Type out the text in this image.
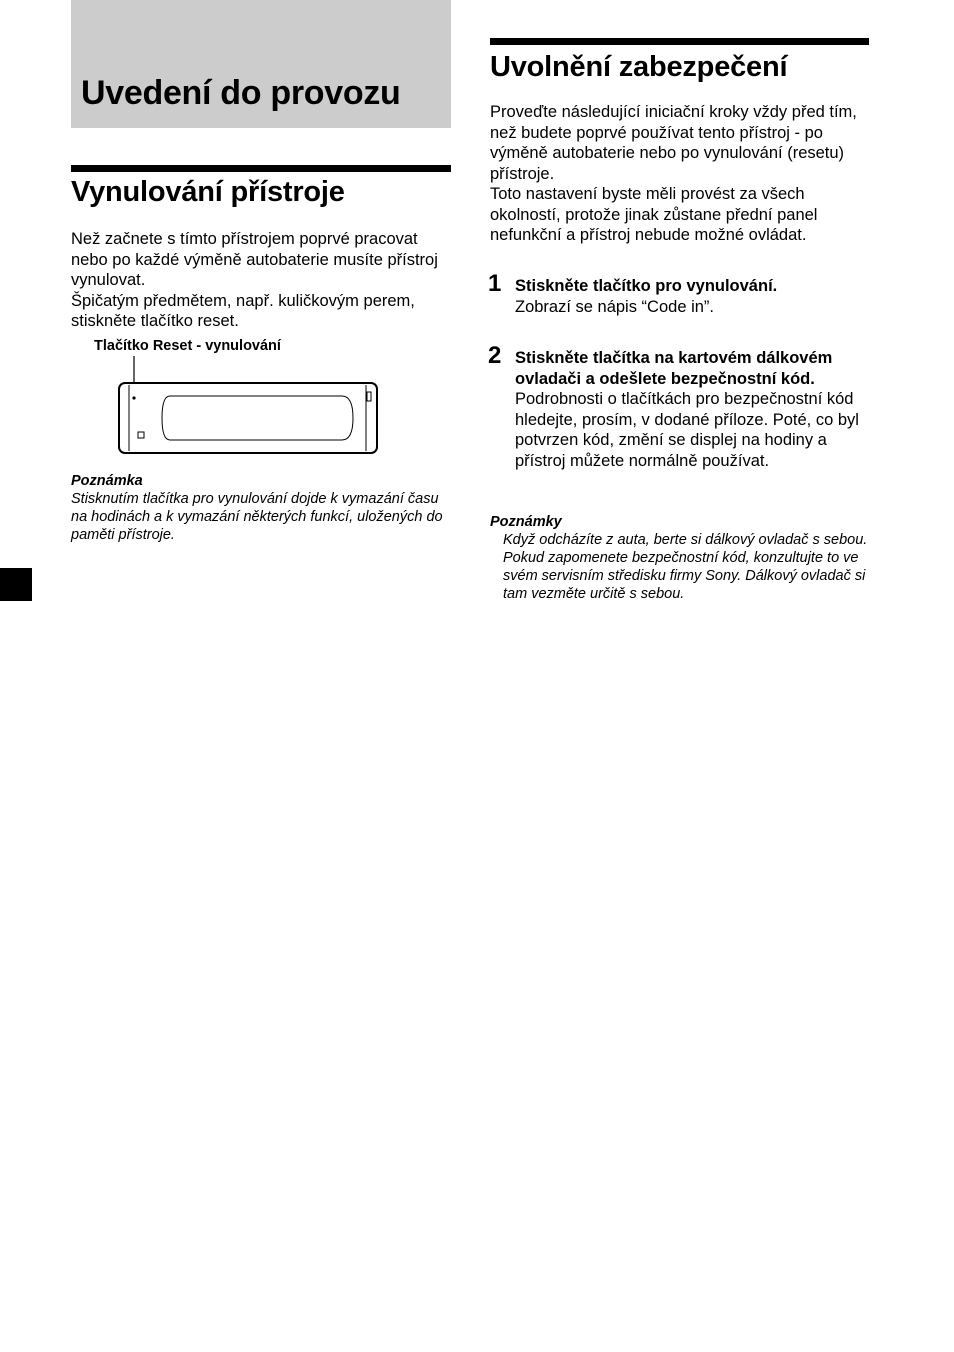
Uvedení do provozu
Vynulování přístroje

Než začnete s tímto přístrojem poprvé pracovat nebo po každé výměně autobaterie musíte přístroj vynulovat.

Špičatým předmětem, např. kuličkovým perem, stiskněte tlačítko reset.

Tlačítko Reset - vynulování
Poznámka

Stisknutím tlačítka pro vynulování dojde k vymazání času na hodinách a k vymazání některých funkcí, uložených do paměti přístroje.

Uvolnění zabezpečení

Proveďte následující iniciační kroky vždy před tím, než budete poprvé používat tento přístroj - po výměně autobaterie nebo po vynulování (resetu) přístroje.

Toto nastavení byste měli provést za všech okolností, protože jinak zůstane přední panel nefunkční a přístroj nebude možné ovládat.

1 Stiskněte tlačítko pro vynulování.
Zobrazí se nápis “Code in”.
2 Stiskněte tlačítka na kartovém dálkovém ovladači a odešlete bezpečnostní kód.
Podrobnosti o tlačítkách pro bezpečnostní kód hledejte, prosím, v dodané příloze. Poté, co byl potvrzen kód, změní se displej na hodiny a přístroj můžete normálně používat.
Poznámky

Když odcházíte z auta, berte si dálkový ovladač s sebou.

Pokud zapomenete bezpečnostní kód, konzultujte to ve svém servisním středisku firmy Sony. Dálkový ovladač si tam vezměte určitě s sebou.
